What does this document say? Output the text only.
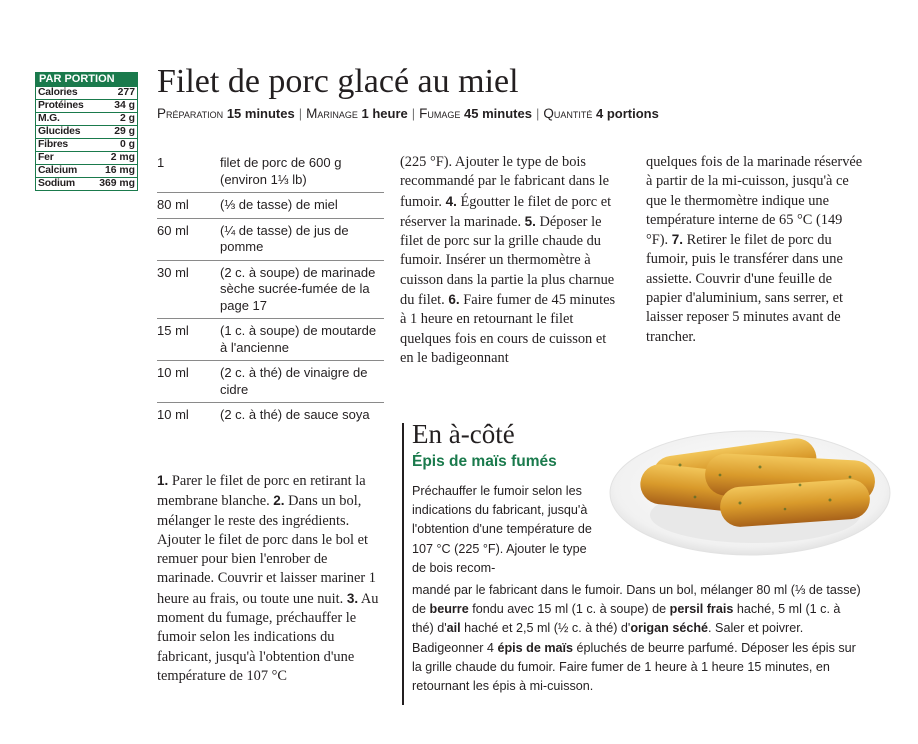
PAR PORTION
Calories	277
Protéines	34 g
M.G.	2 g
Glucides	29 g
Fibres	0 g
Fer	2 mg
Calcium	16 mg
Sodium 369 mg
Filet de porc glacé au miel
Préparation 15 minutes | Marinage 1 heure | Fumage 45 minutes | Quantité 4 portions
1	filet de porc de 600 g (environ 1⅓ lb)
80 ml	(⅓ de tasse) de miel
60 ml	(¼ de tasse) de jus de pomme
30 ml	(2 c. à soupe) de marinade sèche sucrée-fumée de la page 17
15 ml	(1 c. à soupe) de moutarde à l'ancienne
10 ml	(2 c. à thé) de vinaigre de cidre
10 ml	(2 c. à thé) de sauce soya
1. Parer le filet de porc en retirant la membrane blanche. 2. Dans un bol, mélanger le reste des ingrédients. Ajouter le filet de porc dans le bol et remuer pour bien l'enrober de marinade. Couvrir et laisser mariner 1 heure au frais, ou toute une nuit. 3. Au moment du fumage, préchauffer le fumoir selon les indications du fabricant, jusqu'à l'obtention d'une température de 107 °C
(225 °F). Ajouter le type de bois recommandé par le fabricant dans le fumoir. 4. Égoutter le filet de porc et réserver la marinade. 5. Déposer le filet de porc sur la grille chaude du fumoir. Insérer un thermomètre à cuisson dans la partie la plus charnue du filet. 6. Faire fumer de 45 minutes à 1 heure en retournant le filet quelques fois en cours de cuisson et en le badigeonnant
quelques fois de la marinade réservée à partir de la mi-cuisson, jusqu'à ce que le thermomètre indique une température interne de 65 °C (149 °F). 7. Retirer le filet de porc du fumoir, puis le transférer dans une assiette. Couvrir d'une feuille de papier d'aluminium, sans serrer, et laisser reposer 5 minutes avant de trancher.
En à-côté
Épis de maïs fumés
Préchauffer le fumoir selon les indications du fabricant, jusqu'à l'obtention d'une température de 107 °C (225 °F). Ajouter le type de bois recom-
mandé par le fabricant dans le fumoir. Dans un bol, mélanger 80 ml (⅓ de tasse) de beurre fondu avec 15 ml (1 c. à soupe) de persil frais haché, 5 ml (1 c. à thé) d'ail haché et 2,5 ml (½ c. à thé) d'origan séché. Saler et poivrer. Badigeonner 4 épis de maïs épluchés de beurre parfumé. Déposer les épis sur la grille chaude du fumoir. Faire fumer de 1 heure à 1 heure 15 minutes, en retournant les épis à mi-cuisson.
